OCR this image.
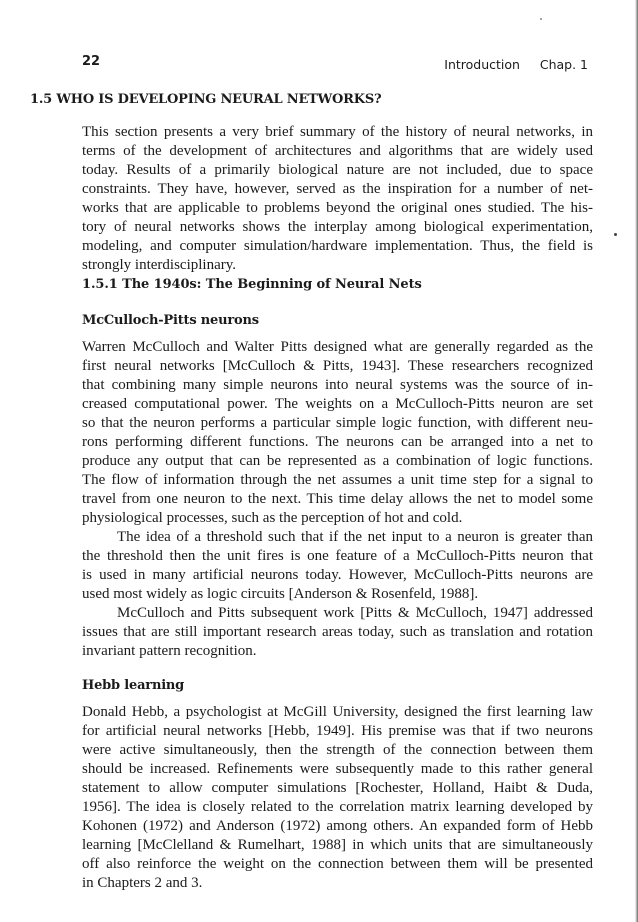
22	Introduction     Chap. 1
1.5 WHO IS DEVELOPING NEURAL NETWORKS?
This section presents a very brief summary of the history of neural networks, in
terms of the development of architectures and algorithms that are widely used
today. Results of a primarily biological nature are not included, due to space
constraints. They have, however, served as the inspiration for a number of net-
works that are applicable to problems beyond the original ones studied. The his-
tory of neural networks shows the interplay among biological experimentation,
modeling, and computer simulation/hardware implementation. Thus, the field is
strongly interdisciplinary.
1.5.1 The 1940s: The Beginning of Neural Nets
McCulloch-Pitts neurons
Warren McCulloch and Walter Pitts designed what are generally regarded as the
first neural networks [McCulloch & Pitts, 1943]. These researchers recognized
that combining many simple neurons into neural systems was the source of in-
creased computational power. The weights on a McCulloch-Pitts neuron are set
so that the neuron performs a particular simple logic function, with different neu-
rons performing different functions. The neurons can be arranged into a net to
produce any output that can be represented as a combination of logic functions.
The flow of information through the net assumes a unit time step for a signal to
travel from one neuron to the next. This time delay allows the net to model some
physiological processes, such as the perception of hot and cold.
The idea of a threshold such that if the net input to a neuron is greater than
the threshold then the unit fires is one feature of a McCulloch-Pitts neuron that
is used in many artificial neurons today. However, McCulloch-Pitts neurons are
used most widely as logic circuits [Anderson & Rosenfeld, 1988].
McCulloch and Pitts subsequent work [Pitts & McCulloch, 1947] addressed
issues that are still important research areas today, such as translation and rotation
invariant pattern recognition.
Hebb learning
Donald Hebb, a psychologist at McGill University, designed the first learning law
for artificial neural networks [Hebb, 1949]. His premise was that if two neurons
were active simultaneously, then the strength of the connection between them
should be increased. Refinements were subsequently made to this rather general
statement to allow computer simulations [Rochester, Holland, Haibt & Duda,
1956]. The idea is closely related to the correlation matrix learning developed by
Kohonen (1972) and Anderson (1972) among others. An expanded form of Hebb
learning [McClelland & Rumelhart, 1988] in which units that are simultaneously
off also reinforce the weight on the connection between them will be presented
in Chapters 2 and 3.
